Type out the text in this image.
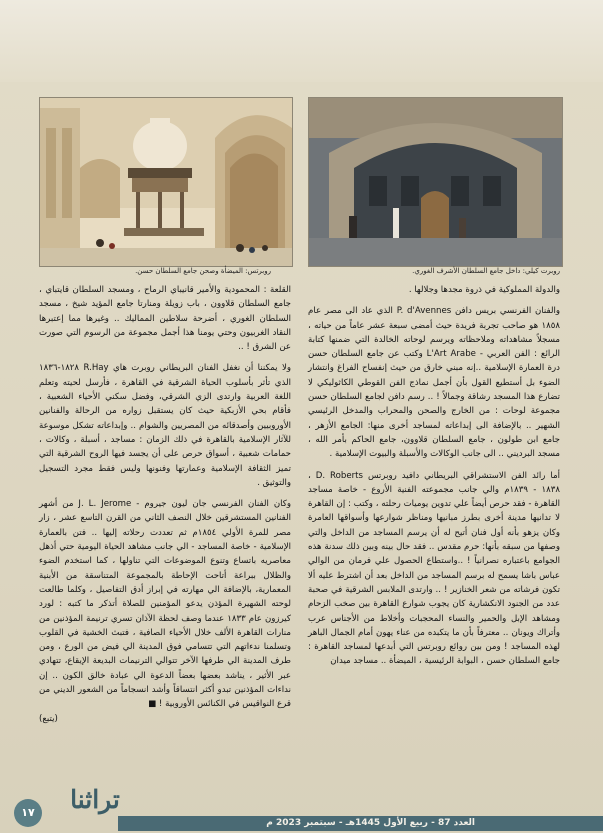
روبرتس: الميضأة وصحن جامع السلطان حسن.	روبرت كيلي: داخل جامع السلطان الأشرف الغوري.

والدولة المملوكية في ذروة مجدها وجلالها .

والفنان الفرنسي بريس دافن P. d'Avennes الذي عاد الى مصر عام ١٨٥٨ هو صاحب تجربة فريدة حيث أمضى سبعة عشر عاماً من حياته ، مسجلاً مشاهداته وملاحظاته ويرسم لوحاته الخالدة التي ضمنها كتابة الرائع : الفن العربي - L'Art Arabe وكتب عن جامع السلطان حسن درة العمارة الإسلامية ..إنه مبني خارق من حيث إنفساح الفراغ وانتشار الضوء بل أستطيع القول بأن أجمل نماذج الفن القوطي الكاثوليكي لا تضارع هذا المسجد رشاقة وجمالاً ! .. رسم دافن لجامع السلطان حسن مجموعة لوحات : من الخارج والصحن والمحراب والمدخل الرئيسي الشهير .. بالإضافة الى إبداعاته لمساجد أخرى منها: الجامع الأزهر ، جامع ابن طولون ، جامع السلطان قلاوون، جامع الحاكم بأمر الله ، مسجد البرديني .. الى جانب الوكالات والأسبلة والبيوت الإسلامية .

أما رائد الفن الاستشراقي البريطاني دافيد روبرتس D. Roberts ، ١٨٣٨ - ١٨٣٩م والي جانب مجموعته الفنية الأروع - خاصة مساجد القاهرة - فقد حرص أيضاً علي تدوين يوميات رحلته ، وكتب : إن القاهرة لا تدانيها مدينة أخرى بطرز مبانيها ومناظر شوارعها وأسواقها العامرة وكان يزهو بأنه أول فنان أتيح له أن يرسم المساجد من الداخل والتي وصفها من سبقه بأنها: حرم مقدس .. فقد حال بينه وبين ذلك سدنة هذه الجوامع باعتباره نصرانياً ! ..واستطاع الحصول علي فرمان من الوالي عباس باشا يسمح له برسم المساجد من الداخل بعد أن اشترط عليه ألا تكون فرشاته من شعر الخنازير ! .. وارتدى الملابس الشرقية في صحبة عدد من الجنود الانكشارية كان يجوب شوارع القاهرة بين صخب الزحام ومشاهد الإبل والحمير والنساء المحجبات وأخلاط من الأجناس عرب وأتراك ويونان .. معترفاً بأن ما يتكبده من عناء يهون أمام الجمال الباهر لهذه المساجد ! ومن بين روائع روبرتس التي أبدعها لمساجد القاهرة : جامع السلطان حسن ، البوابة الرئيسية ، الميضأة .. مساجد ميدان

القلعة : المحمودية والأمير قانيباي الرماح ، ومسجد السلطان قايتباي ، جامع السلطان قلاوون ، باب زويلة ومنارتا جامع المؤيد شيخ ، مسجد السلطان الغوري ، أضرحة سلاطين المماليك .. وغيرها مما إعتبرها النقاد الغربيون وحتي يومنا هذا أجمل مجموعة من الرسوم التي صورت عن الشرق ! ..

ولا يمكننا أن نغفل الفنان البريطاني روبرت هاي R.Hay ١٨٢٨-١٨٣٦ الذي تأثر بأسلوب الحياة الشرقية في القاهرة ، فأرسل لحيته وتعلم اللغة العربية وارتدى الزي الشرقي، وفضل سكني الأحياء الشعبية ، فأقام بحي الأزبكية حيث كان يستقبل زواره من الرحالة والفنانين الأوروبيين وأصدقائه من المصريين والشوام .. وإبداعاته تشكل موسوعة للآثار الإسلامية بالقاهرة في ذلك الزمان : مساجد ، أسبلة ، وكالات ، حمامات شعبية ، أسواق حرص على أن يجسد فيها الروح الشرقية التي تميز الثقافة الإسلامية وعمارتها وفنونها وليس فقط مجرد التسجيل والتوثيق .

وكان الفنان الفرنسي جان ليون جيروم - J. L. Jerome من أشهر الفنانين المستشرقين خلال النصف الثاني من القرن التاسع عشر ، زار مصر للمرة الأولي ١٨٥٤م ثم تعددت رحلاته إليها .. فتن بالعمارة الإسلامية - خاصة المساجد - الي جانب مشاهد الحياة اليومية حتي أذهل معاصريه باتساع وتنوع الموضوعات التي تناولها ، كما استخدم الضوء والظلال ببراعة أتاحت الإحاطة بالمجموعة المتناسقة من الأبنية المعمارية، بالإضافة الي مهارته في إبراز أدق التفاصيل ، وكلما طالعت لوحته الشهيرة المؤذن يدعو المؤمنين للصلاة أتذكر ما كتبه : لورد كيرزون عام ١٨٣٣ عندما وصف لحظة الآذان تسري ترنيمة المؤذنين من منارات القاهرة الألف خلال الأحياء الصافية ، فتبث الخشية في القلوب وتسلمنا ندءاتهم التي تتسامي فوق المدينة الي فيض من الورع ، ومن طرف المدينة الي طرفها الآخر تتوالي الترنيمات البديعة الإيقاع، تتهادي عبر الأثير ، يناشد بعضها بعضاً الدعوة الي عبادة خالق الكون .. إن نداءات المؤذنين تبدو أكثر انتساقاً وأشد انسجاماً من الشعور الديني من قرع النواقيس في الكنائس الأوروبية ! ■

(يتبع)

العدد 87 - ربيع الأول 1445هـ - سبتمبر 2023 م
تراثنا
١٧
